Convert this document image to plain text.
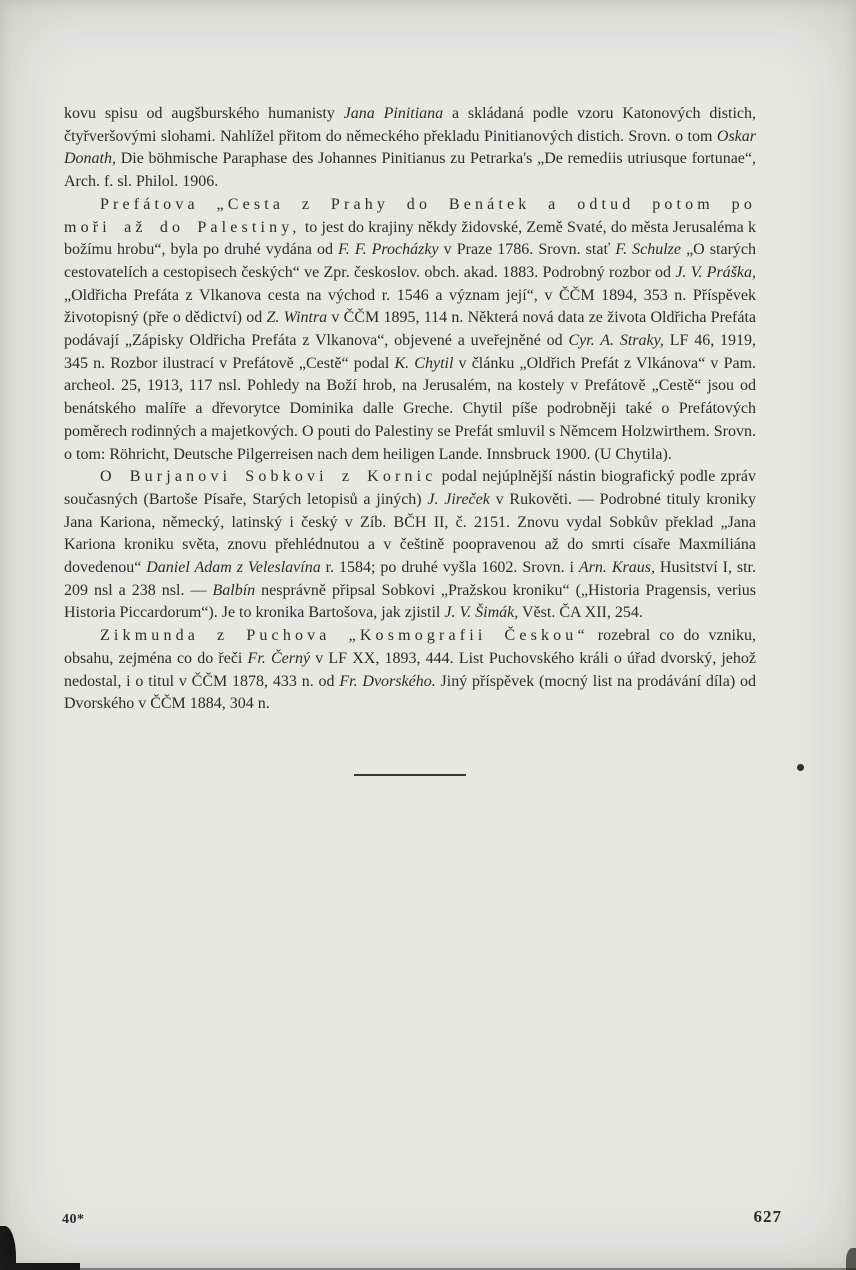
kovu spisu od augšburského humanisty Jana Pinitiana a skládaná podle vzoru Katonových distich, čtyřveršovými slohami. Nahlížel přitom do německého překladu Pinitianových distich. Srovn. o tom Oskar Donath, Die böhmische Paraphase des Johannes Pinitianus zu Petrarka's „De remediis utriusque fortunae“, Arch. f. sl. Philol. 1906.

Prefátova „Cesta z Prahy do Benátek a odtud potom po moři až do Palestiny, to jest do krajiny někdy židovské, Země Svaté, do města Jerusaléma k božímu hrobu“, byla po druhé vydána od F. F. Procházky v Praze 1786. Srovn. stať F. Schulze „O starých cestovatelích a cestopisech českých“ ve Zpr. českoslov. obch. akad. 1883. Podrobný rozbor od J. V. Práška, „Oldřicha Prefáta z Vlkanova cesta na východ r. 1546 a význam její“, v ČČM 1894, 353 n. Příspěvek životopisný (pře o dědictví) od Z. Wintra v ČČM 1895, 114 n. Některá nová data ze života Oldřicha Prefáta podávají „Zápisky Oldřicha Prefáta z Vlkanova“, objevené a uveřejněné od Cyr. A. Straky, LF 46, 1919, 345 n. Rozbor ilustrací v Prefátově „Cestě“ podal K. Chytil v článku „Oldřich Prefát z Vlkánova“ v Pam. archeol. 25, 1913, 117 nsl. Pohledy na Boží hrob, na Jerusalém, na kostely v Prefátově „Cestě“ jsou od benátského malíře a dřevorytce Dominika dalle Greche. Chytil píše podrobněji také o Prefátových poměrech rodinných a majetkových. O pouti do Palestiny se Prefát smluvil s Němcem Holzwirthem. Srovn. o tom: Röhricht, Deutsche Pilgerreisen nach dem heiligen Lande. Innsbruck 1900. (U Chytila).

O Burjanovi Sobkovi z Kornic podal nejúplnější nástin biografický podle zpráv současných (Bartoše Písaře, Starých letopisů a jiných) J. Jireček v Rukověti. — Podrobné tituly kroniky Jana Kariona, německý, latinský i český v Zíb. BČH II, č. 2151. Znovu vydal Sobkův překlad „Jana Kariona kroniku světa, znovu přehlédnutou a v češtině poopravenou až do smrti císaře Maxmiliána dovedenou“ Daniel Adam z Veleslavína r. 1584; po druhé vyšla 1602. Srovn. i Arn. Kraus, Husitství I, str. 209 nsl a 238 nsl. — Balbín nesprávně připsal Sobkovi „Pražskou kroniku“ („Historia Pragensis, verius Historia Piccardorum“). Je to kronika Bartošova, jak zjistil J. V. Šimák, Věst. ČA XII, 254.

Zikmunda z Puchova „Kosmografii Českou“ rozebral co do vzniku, obsahu, zejména co do řeči Fr. Černý v LF XX, 1893, 444. List Puchovského králi o úřad dvorský, jehož nedostal, i o titul v ČČM 1878, 433 n. od Fr. Dvorského. Jiný příspěvek (mocný list na prodávání díla) od Dvorského v ČČM 1884, 304 n.

40*	627
